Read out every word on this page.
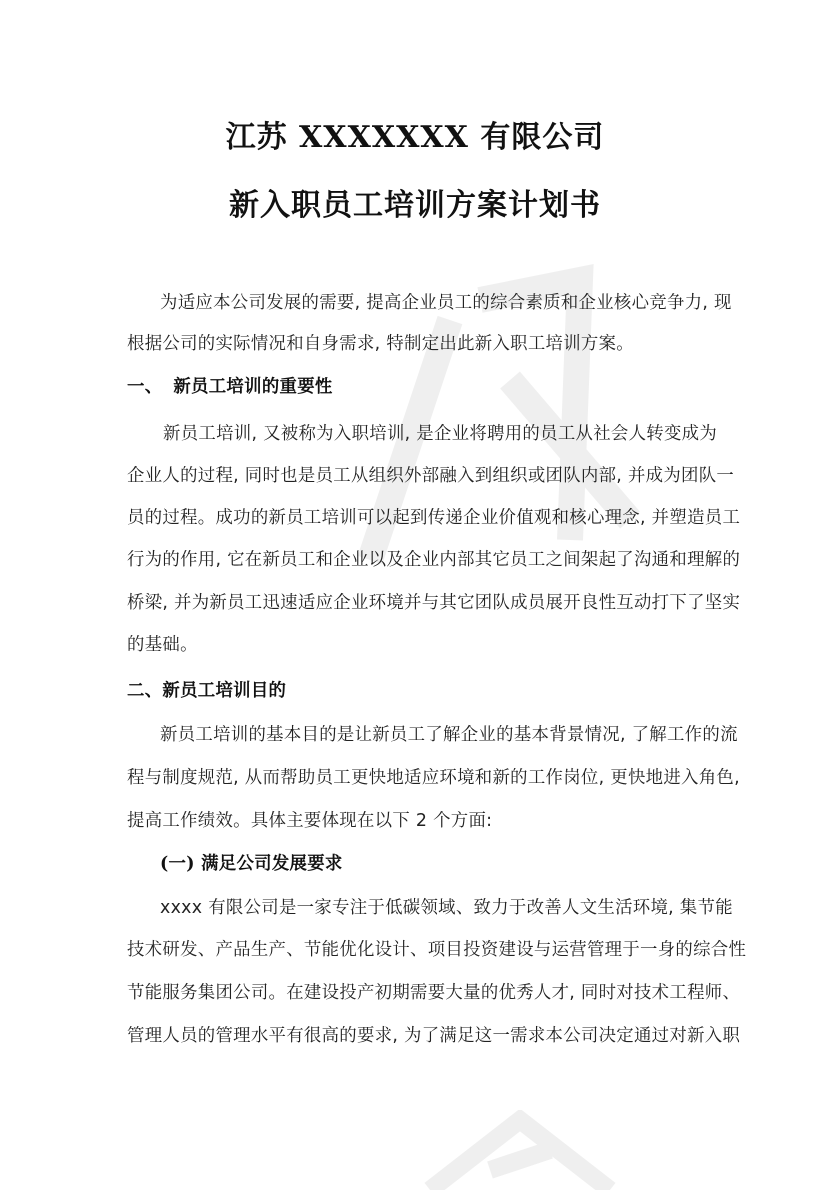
江苏 XXXXXXX 有限公司
新入职员工培训方案计划书
为适应本公司发展的需要, 提高企业员工的综合素质和企业核心竞争力, 现
根据公司的实际情况和自身需求, 特制定出此新入职工培训方案。
一、 新员工培训的重要性
新员工培训, 又被称为入职培训, 是企业将聘用的员工从社会人转变成为
企业人的过程, 同时也是员工从组织外部融入到组织或团队内部, 并成为团队一
员的过程。成功的新员工培训可以起到传递企业价值观和核心理念, 并塑造员工
行为的作用, 它在新员工和企业以及企业内部其它员工之间架起了沟通和理解的
桥梁, 并为新员工迅速适应企业环境并与其它团队成员展开良性互动打下了坚实
的基础。
二、新员工培训目的
新员工培训的基本目的是让新员工了解企业的基本背景情况, 了解工作的流
程与制度规范, 从而帮助员工更快地适应环境和新的工作岗位, 更快地进入角色,
提高工作绩效。具体主要体现在以下 2 个方面:
(一) 满足公司发展要求
xxxx 有限公司是一家专注于低碳领域、致力于改善人文生活环境, 集节能
技术研发、产品生产、节能优化设计、项目投资建设与运营管理于一身的综合性
节能服务集团公司。在建设投产初期需要大量的优秀人才, 同时对技术工程师、
管理人员的管理水平有很高的要求, 为了满足这一需求本公司决定通过对新入职
